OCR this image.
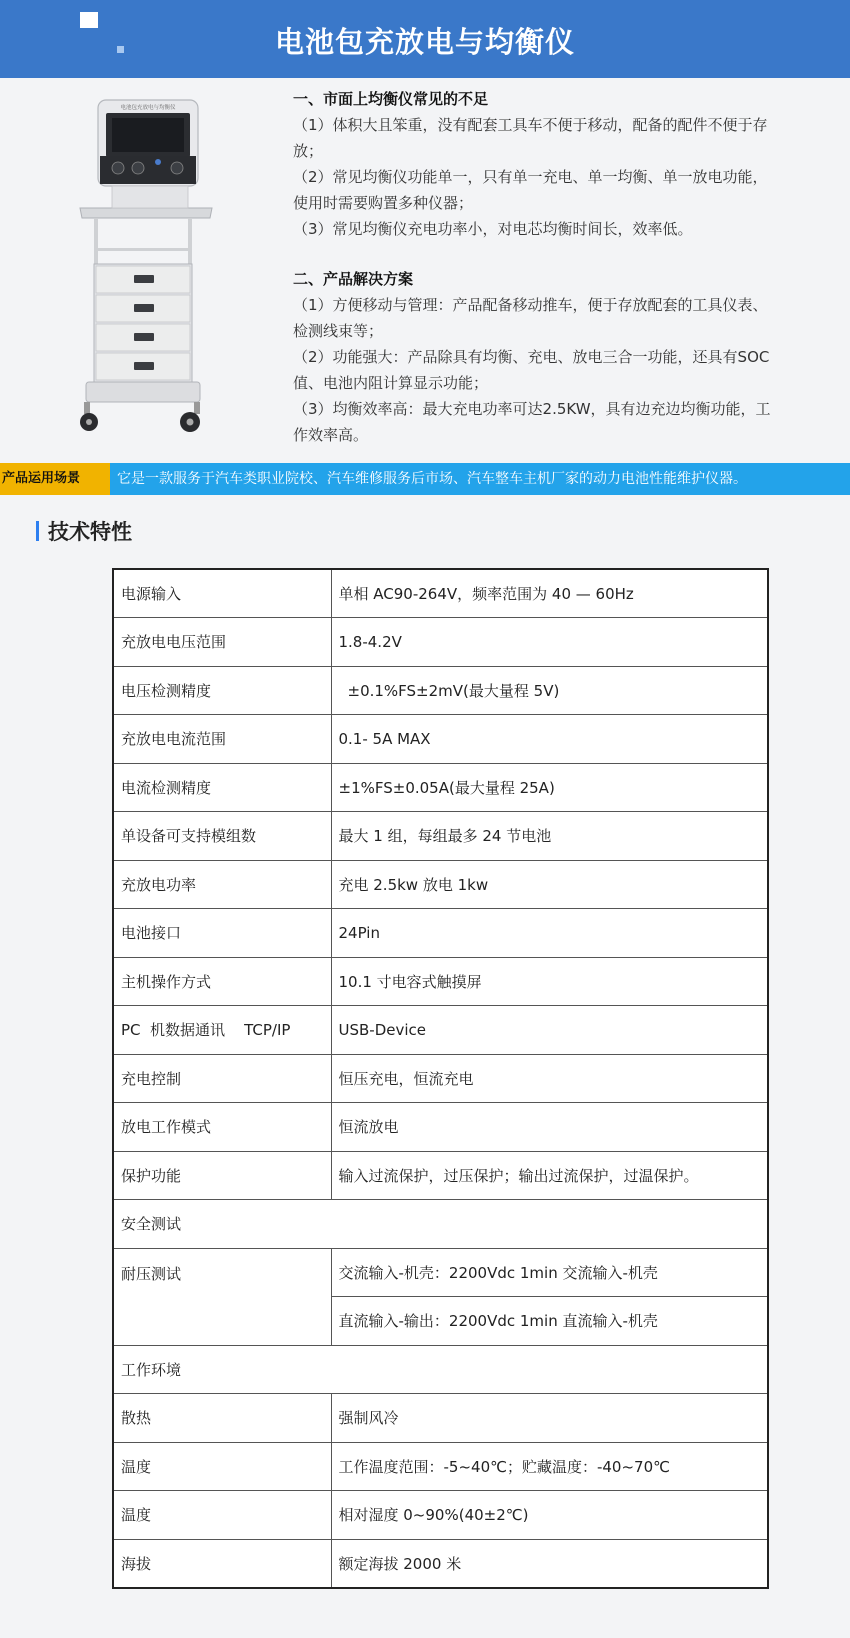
电池包充放电与均衡仪
电池包充放电与均衡仪	一、市面上均衡仪常见的不足

（1）体积大且笨重，没有配套工具车不便于移动，配备的配件不便于存

放；

（2）常见均衡仪功能单一，只有单一充电、单一均衡、单一放电功能，

使用时需要购置多种仪器；

（3）常见均衡仪充电功率小，对电芯均衡时间长，效率低。

二、产品解决方案

（1）方便移动与管理：产品配备移动推车，便于存放配套的工具仪表、

检测线束等；

（2）功能强大：产品除具有均衡、充电、放电三合一功能，还具有SOC

值、电池内阻计算显示功能；

（3）均衡效率高：最大充电功率可达2.5KW，具有边充边均衡功能，工

作效率高。

产品运用场景	它是一款服务于汽车类职业院校、汽车维修服务后市场、汽车整车主机厂家的动力电池性能维护仪器。
技术特性
电源输入	单相 AC90-264V，频率范围为 40 — 60Hz
充放电电压范围	1.8-4.2V
电压检测精度	±0.1%FS±2mV(最大量程 5V)
充放电电流范围	0.1- 5A MAX
电流检测精度	±1%FS±0.05A(最大量程 25A)
单设备可支持模组数	最大 1 组，每组最多 24 节电池
充放电功率	充电 2.5kw 放电 1kw
电池接口	24Pin
主机操作方式	10.1 寸电容式触摸屏
PC  机数据通讯    TCP/IP	USB-Device
充电控制	恒压充电，恒流充电
放电工作模式	恒流放电
保护功能	输入过流保护，过压保护；输出过流保护，过温保护。
安全测试	
耐压测试	交流输入-机壳：2200Vdc 1min 交流输入-机壳
	直流输入-输出：2200Vdc 1min 直流输入-机壳
工作环境	
散热	强制风冷
温度	工作温度范围：-5~40℃；贮藏温度：-40~70℃
温度	相对湿度 0~90%(40±2℃)
海拔	额定海拔 2000 米
